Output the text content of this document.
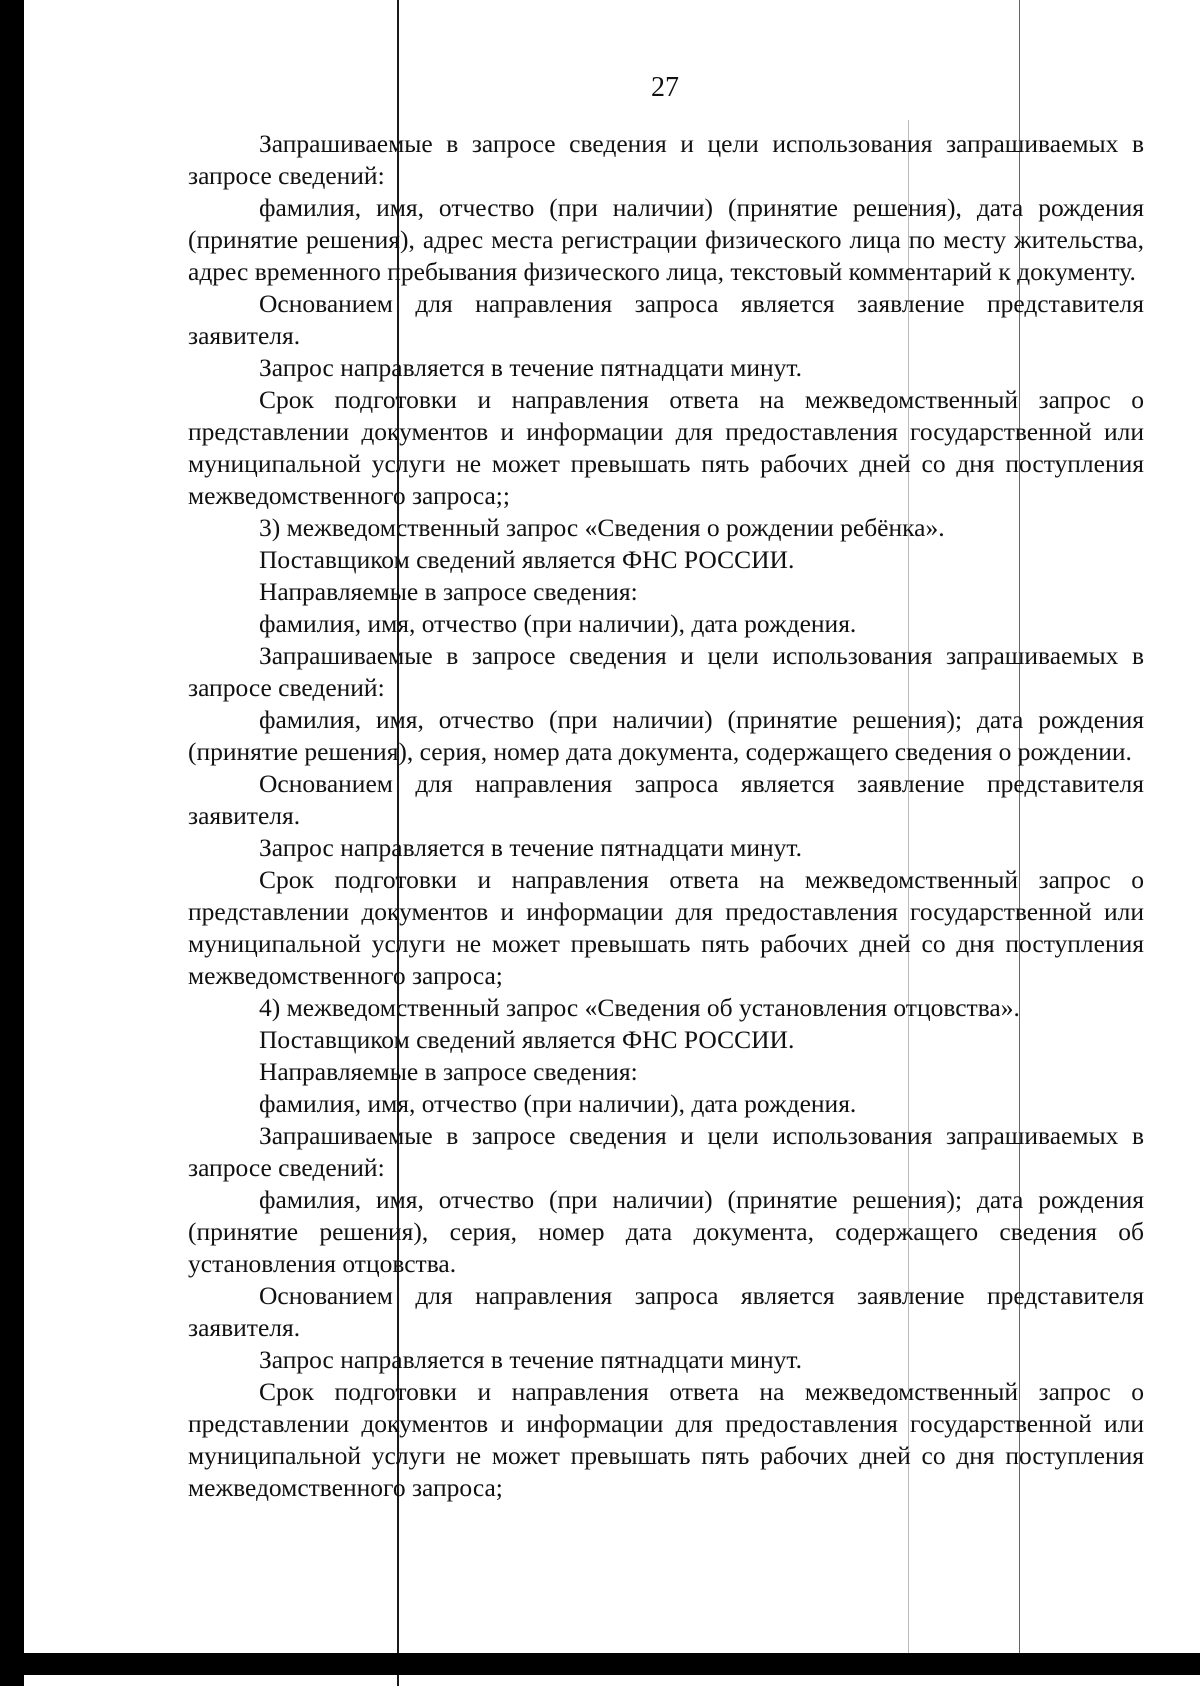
27

Запрашиваемые в запросе сведения и цели использования запрашиваемых в запросе сведений:

фамилия, имя, отчество (при наличии) (принятие решения), дата рождения (принятие решения), адрес места регистрации физического лица по месту жительства, адрес временного пребывания физического лица, текстовый комментарий к документу.

Основанием для направления запроса является заявление представителя заявителя.

Запрос направляется в течение пятнадцати минут.

Срок подготовки и направления ответа на межведомственный запрос о представлении документов и информации для предоставления государственной или муниципальной услуги не может превышать пять рабочих дней со дня поступления межведомственного запроса;;

3) межведомственный запрос «Сведения о рождении ребёнка».

Поставщиком сведений является ФНС РОССИИ.

Направляемые в запросе сведения:

фамилия, имя, отчество (при наличии), дата рождения.

Запрашиваемые в запросе сведения и цели использования запрашиваемых в запросе сведений:

фамилия, имя, отчество (при наличии) (принятие решения); дата рождения (принятие решения), серия, номер дата документа, содержащего сведения о рождении.

Основанием для направления запроса является заявление представителя заявителя.

Запрос направляется в течение пятнадцати минут.

Срок подготовки и направления ответа на межведомственный запрос о представлении документов и информации для предоставления государственной или муниципальной услуги не может превышать пять рабочих дней со дня поступления межведомственного запроса;

4) межведомственный запрос «Сведения об установления отцовства».

Поставщиком сведений является ФНС РОССИИ.

Направляемые в запросе сведения:

фамилия, имя, отчество (при наличии), дата рождения.

Запрашиваемые в запросе сведения и цели использования запрашиваемых в запросе сведений:

фамилия, имя, отчество (при наличии) (принятие решения); дата рождения (принятие решения), серия, номер дата документа, содержащего сведения об установления отцовства.

Основанием для направления запроса является заявление представителя заявителя.

Запрос направляется в течение пятнадцати минут.

Срок подготовки и направления ответа на межведомственный запрос о представлении документов и информации для предоставления государственной или муниципальной услуги не может превышать пять рабочих дней со дня поступления межведомственного запроса;
